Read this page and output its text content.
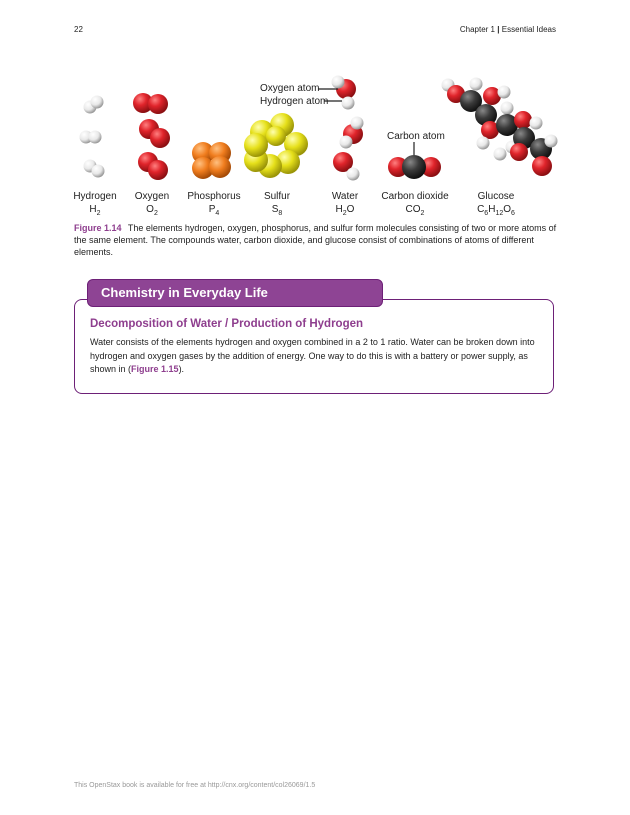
22	Chapter 1 | Essential Ideas
Oxygen atom
Hydrogen atom
Carbon atom
Hydrogen
$H_2$
Oxygen
$O_2$
Phosphorus
$P_4$
Sulfur
$S_8$
Water
$H_2O$
Carbon dioxide
$CO_2$
Glucose
$C_6H_{12}O_6$
Figure 1.14 The elements hydrogen, oxygen, phosphorus, and sulfur form molecules consisting of two or more atoms of the same element. The compounds water, carbon dioxide, and glucose consist of combinations of atoms of different elements.
Chemistry in Everyday Life
Decomposition of Water / Production of Hydrogen
Water consists of the elements hydrogen and oxygen combined in a 2 to 1 ratio. Water can be broken down into hydrogen and oxygen gases by the addition of energy. One way to do this is with a battery or power supply, as shown in (Figure 1.15).
This OpenStax book is available for free at http://cnx.org/content/col26069/1.5
